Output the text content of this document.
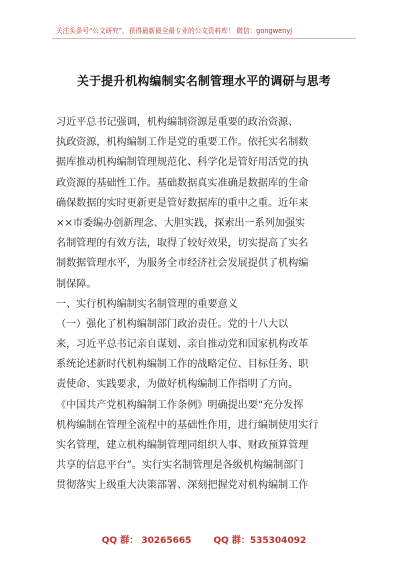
关注头条号“公文研究”，获得最新最全最专业的公文资料库！ 微信：gongwenyj
关于提升机构编制实名制管理水平的调研与思考
习近平总书记强调，机构编制资源是重要的政治资源、
执政资源，机构编制工作是党的重要工作。依托实名制数
据库推动机构编制管理规范化、科学化是管好用活党的执
政资源的基础性工作。基础数据真实准确是数据库的生命
确保数据的实时更新更是管好数据库的重中之重。近年来
××市委编办创新理念、大胆实践，探索出一系列加强实
名制管理的有效方法，取得了较好效果，切实提高了实名
制数据管理水平，为服务全市经济社会发展提供了机构编
制保障。
一、实行机构编制实名制管理的重要意义
（一）强化了机构编制部门政治责任。党的十八大以
来，习近平总书记亲自谋划、亲自推动党和国家机构改革
系统论述新时代机构编制工作的战略定位、目标任务、职
责使命、实践要求，为做好机构编制工作指明了方向。
《中国共产党机构编制工作条例》明确提出要“充分发挥
机构编制在管理全流程中的基础性作用，进行编制使用实行
实名管理，建立机构编制管理同组织人事、财政预算管理
共享的信息平台”。实行实名制管理是各级机构编制部门
贯彻落实上级重大决策部署、深刻把握党对机构编制工作
QQ 群： 30265665 QQ 群：535304092
